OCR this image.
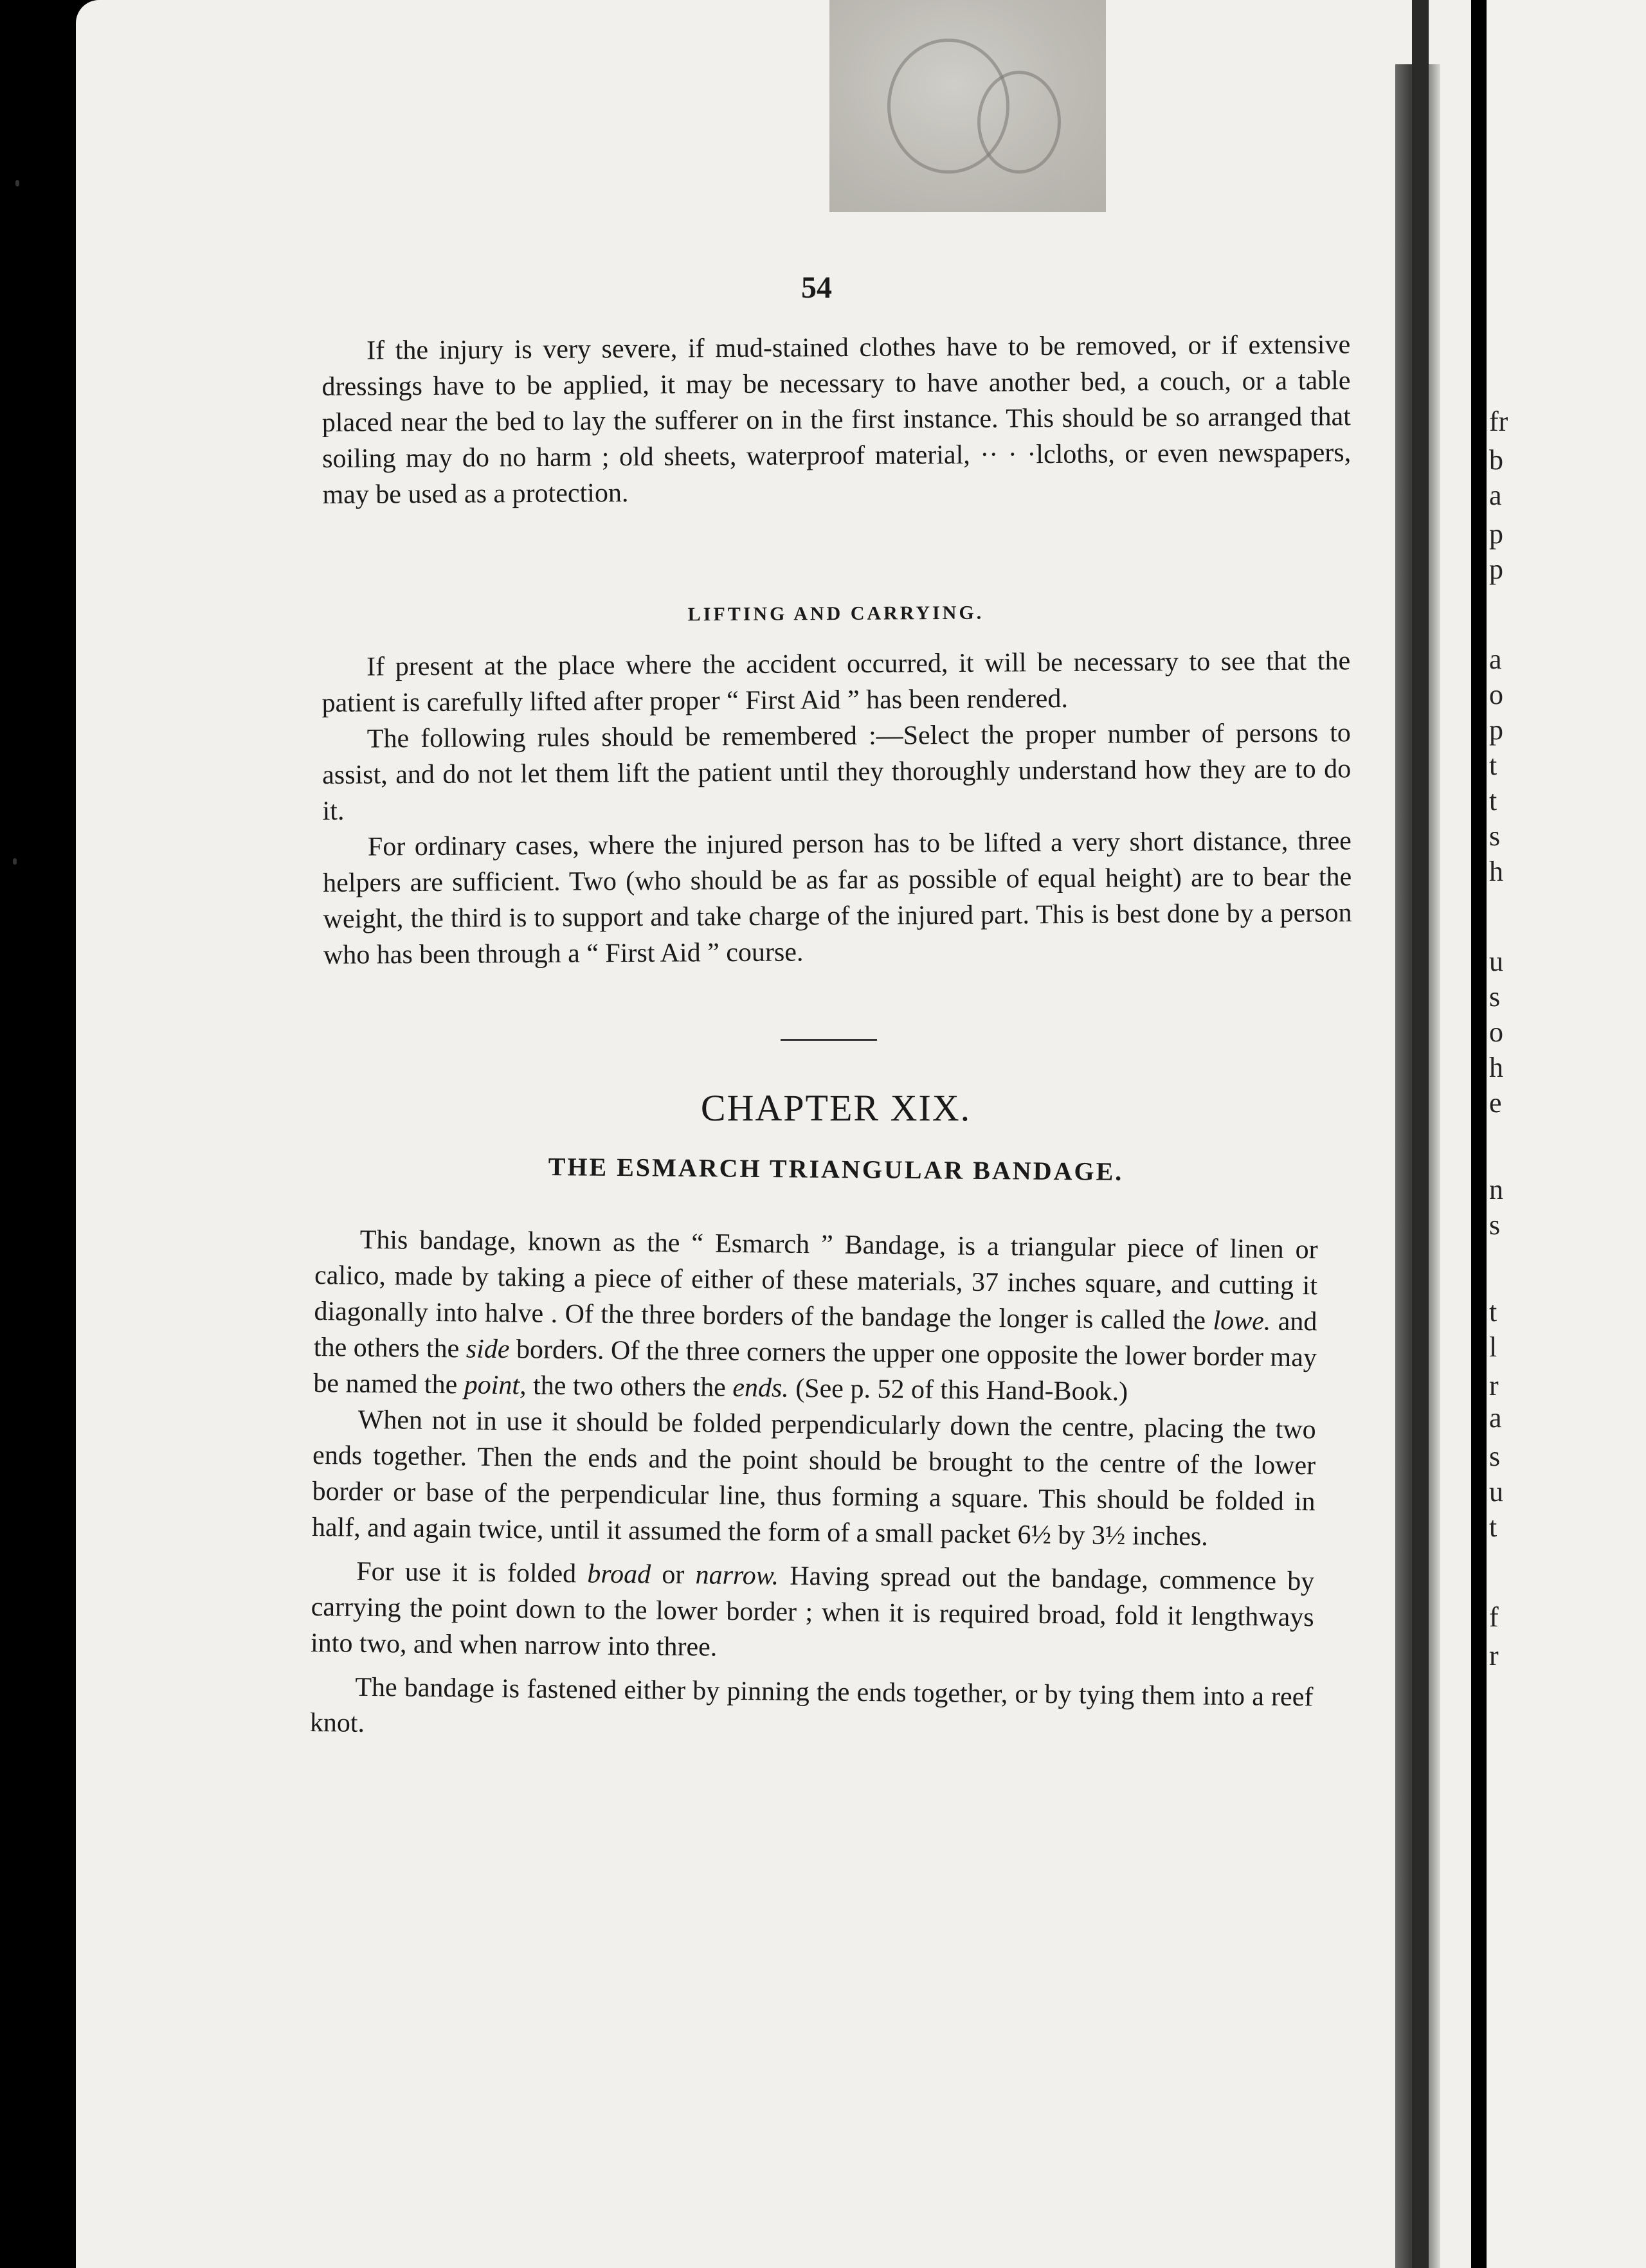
fr
b
a
p
p
a
o
p
t
t
s
h
u
s
o
h
e
n
s
t
l
r
a
s
u
t
f
r
54

If the injury is very severe, if mud-stained clothes have to be removed, or if extensive dressings have to be applied, it may be necessary to have another bed, a couch, or a table placed near the bed to lay the sufferer on in the first instance. This should be so arranged that soiling may do no harm ; old sheets, waterproof material, ·· · ·lcloths, or even newspapers, may be used as a protection.

LIFTING AND CARRYING.

If present at the place where the accident occurred, it will be necessary to see that the patient is carefully lifted after proper “ First Aid ” has been rendered.

The following rules should be remembered :—Select the proper number of persons to assist, and do not let them lift the patient until they thoroughly understand how they are to do it.

For ordinary cases, where the injured person has to be lifted a very short distance, three helpers are sufficient. Two (who should be as far as possible of equal height) are to bear the weight, the third is to support and take charge of the injured part. This is best done by a person who has been through a “ First Aid ” course.

CHAPTER XIX.
THE ESMARCH TRIANGULAR BANDAGE.

This bandage, known as the “ Esmarch ” Bandage, is a triangular piece of linen or calico, made by taking a piece of either of these materials, 37 inches square, and cutting it diagonally into halve . Of the three borders of the bandage the longer is called the lowe. and the others the side borders. Of the three corners the upper one opposite the lower border may be named the point, the two others the ends. (See p. 52 of this Hand-Book.)

When not in use it should be folded perpendicularly down the centre, placing the two ends together. Then the ends and the point should be brought to the centre of the lower border or base of the perpendicular line, thus forming a square. This should be folded in half, and again twice, until it assumed the form of a small packet 6½ by 3½ inches.

For use it is folded broad or narrow. Having spread out the bandage, commence by carrying the point down to the lower border ; when it is required broad, fold it lengthways into two, and when narrow into three.

The bandage is fastened either by pinning the ends together, or by tying them into a reef knot.
